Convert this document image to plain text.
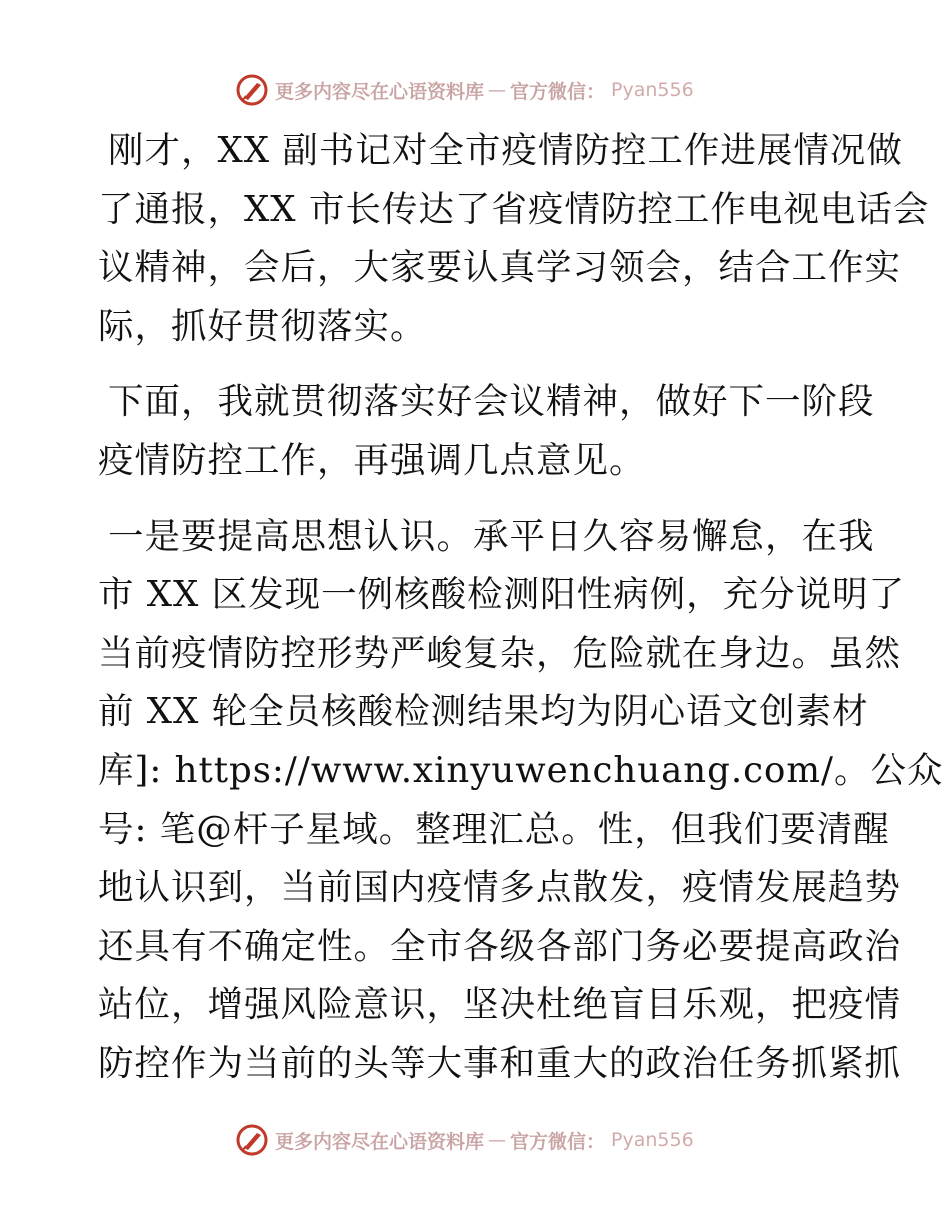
更多内容尽在心语资料库 — 官方微信： Pyan556
刚才，XX 副书记对全市疫情防控工作进展情况做
了通报，XX 市长传达了省疫情防控工作电视电话会
议精神，会后，大家要认真学习领会，结合工作实
际，抓好贯彻落实。
下面，我就贯彻落实好会议精神，做好下一阶段
疫情防控工作，再强调几点意见。
一是要提高思想认识。承平日久容易懈怠，在我
市 XX 区发现一例核酸检测阳性病例，充分说明了
当前疫情防控形势严峻复杂，危险就在身边。虽然
前 XX 轮全员核酸检测结果均为阴心语文创素材
库]: https://www.xinyuwenchuang.com/。公众
号: 笔@杆子星域。整理汇总。性，但我们要清醒
地认识到，当前国内疫情多点散发，疫情发展趋势
还具有不确定性。全市各级各部门务必要提高政治
站位，增强风险意识，坚决杜绝盲目乐观，把疫情
防控作为当前的头等大事和重大的政治任务抓紧抓
更多内容尽在心语资料库 — 官方微信： Pyan556
